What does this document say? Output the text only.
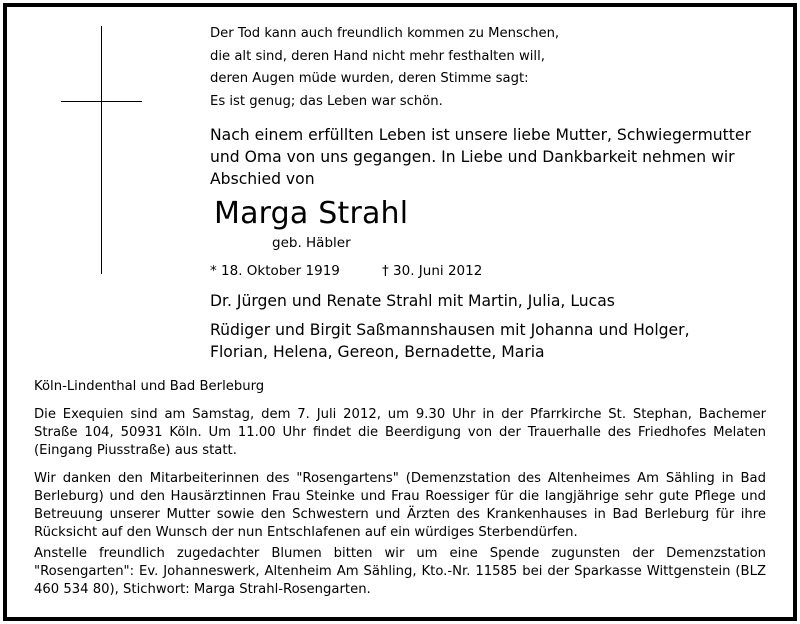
Der Tod kann auch freundlich kommen zu Menschen,
die alt sind, deren Hand nicht mehr festhalten will,
deren Augen müde wurden, deren Stimme sagt:
Es ist genug; das Leben war schön.
Nach einem erfüllten Leben ist unsere liebe Mutter, Schwiegermutter und Oma von uns gegangen. In Liebe und Dankbarkeit nehmen wir Abschied von
Marga Strahl
geb. Häbler
* 18. Oktober 1919	† 30. Juni 2012
Dr. Jürgen und Renate Strahl mit Martin, Julia, Lucas
Rüdiger und Birgit Saßmannshausen mit Johanna und Holger,
Florian, Helena, Gereon, Bernadette, Maria
Köln-Lindenthal und Bad Berleburg
Die Exequien sind am Samstag, dem 7. Juli 2012, um 9.30 Uhr in der Pfarrkirche St. Stephan, Bachemer Straße 104, 50931 Köln. Um 11.00 Uhr findet die Beerdigung von der Trauerhalle des Friedhofes Melaten (Eingang Piusstraße) aus statt.
Wir danken den Mitarbeiterinnen des "Rosengartens" (Demenzstation des Altenheimes Am Sähling in Bad Berleburg) und den Hausärztinnen Frau Steinke und Frau Roessiger für die langjährige sehr gute Pflege und Betreuung unserer Mutter sowie den Schwestern und Ärzten des Krankenhauses in Bad Berleburg für ihre Rücksicht auf den Wunsch der nun Entschlafenen auf ein würdiges Sterbendürfen.
Anstelle freundlich zugedachter Blumen bitten wir um eine Spende zugunsten der Demenzstation "Rosengarten": Ev. Johanneswerk, Altenheim Am Sähling, Kto.-Nr. 11585 bei der Sparkasse Wittgenstein (BLZ 460 534 80), Stichwort: Marga Strahl-Rosengarten.
